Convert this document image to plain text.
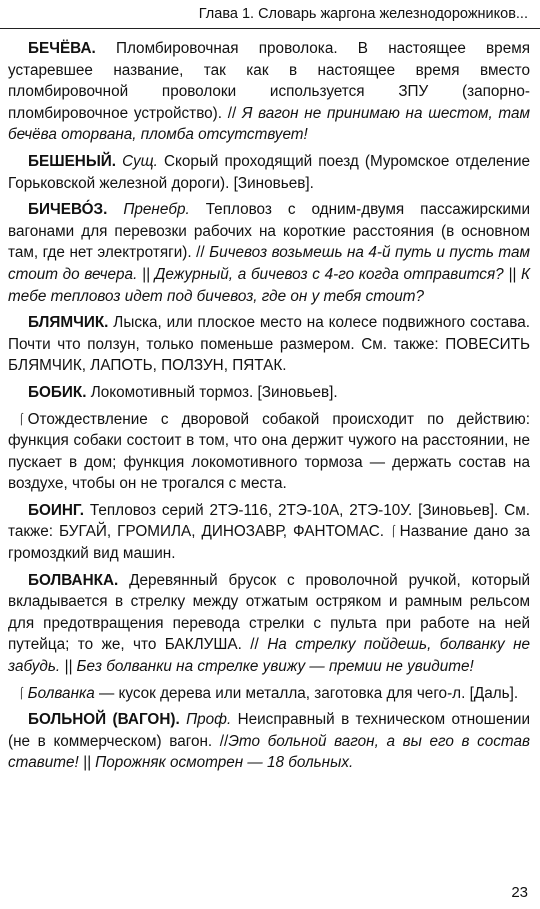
Глава 1. Словарь жаргона железнодорожников...

БЕЧЁВА. Пломбировочная проволока. В настоящее время устаревшее название, так как в настоящее время вместо пломбировочной проволоки используется ЗПУ (запорно-пломбировочное устройство). // Я вагон не принимаю на шестом, там бечёва оторвана, пломба отсутствует!

БЕШЕНЫЙ. Сущ. Скорый проходящий поезд (Муромское отделение Горьковской железной дороги). [Зиновьев].

БИЧЕВО́З. Пренебр. Тепловоз с одним-двумя пассажирскими вагонами для перевозки рабочих на короткие расстояния (в основном там, где нет электротяги). // Бичевоз возьмешь на 4-й путь и пусть там стоит до вечера. || Дежурный, а бичевоз с 4-го когда отправится? || К тебе тепловоз идет под бичевоз, где он у тебя стоит?

БЛЯМЧИК. Лыска, или плоское место на колесе подвижного состава. Почти что ползун, только поменьше размером. См. также: ПОВЕСИТЬ БЛЯМЧИК, ЛАПОТЬ, ПОЛЗУН, ПЯТАК.

БОБИК. Локомотивный тормоз. [Зиновьев].

⌠ Отождествление с дворовой собакой происходит по действию: функция собаки состоит в том, что она держит чужого на расстоянии, не пускает в дом; функция локомотивного тормоза — держать состав на воздухе, чтобы он не трогался с места.

БОИНГ. Тепловоз серий 2ТЭ-116, 2ТЭ-10А, 2ТЭ-10У. [Зиновьев]. См. также: БУГАЙ, ГРОМИЛА, ДИНОЗАВР, ФАНТОМАС. ⌠ Название дано за громоздкий вид машин.

БОЛВАНКА. Деревянный брусок с проволочной ручкой, который вкладывается в стрелку между отжатым остряком и рамным рельсом для предотвращения перевода стрелки с пульта при работе на ней путейца; то же, что БАКЛУША. // На стрелку пойдешь, болванку не забудь. || Без болванки на стрелке увижу — премии не увидите!

⌠ Болванка — кусок дерева или металла, заготовка для чего-л. [Даль].

БОЛЬНОЙ (ВАГОН). Проф. Неисправный в техническом отношении (не в коммерческом) вагон. //Это больной вагон, а вы его в состав ставите! || Порожняк осмотрен — 18 больных.

23
